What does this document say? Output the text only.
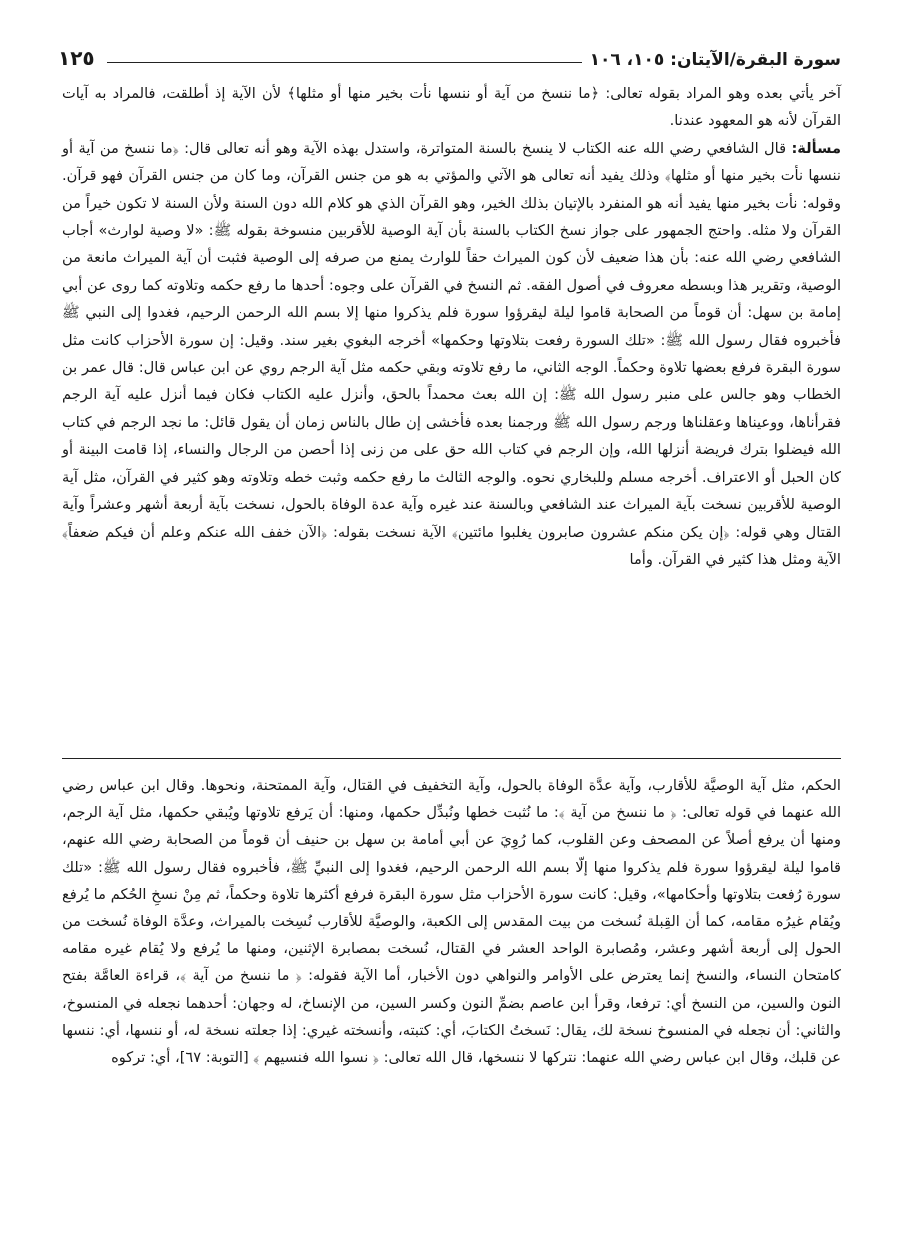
سورة البقرة/الآيتان: ١٠٥، ١٠٦
١٢٥

آخر يأتي بعده وهو المراد بقوله تعالى: ﴿ما ننسخ من آية أو ننسها نأت بخير منها أو مثلها﴾ لأن الآية إذ أطلقت، فالمراد به آيات القرآن لأنه هو المعهود عندنا.

مسألة: قال الشافعي رضي الله عنه الكتاب لا ينسخ بالسنة المتواترة، واستدل بهذه الآية وهو أنه تعالى قال: ﴿ما ننسخ من آية أو ننسها نأت بخير منها أو مثلها﴾ وذلك يفيد أنه تعالى هو الآتي والمؤتي به هو من جنس القرآن، وما كان من جنس القرآن فهو قرآن. وقوله: نأت بخير منها يفيد أنه هو المنفرد بالإتيان بذلك الخير، وهو القرآن الذي هو كلام الله دون السنة ولأن السنة لا تكون خيراً من القرآن ولا مثله. واحتج الجمهور على جواز نسخ الكتاب بالسنة بأن آية الوصية للأقربين منسوخة بقوله ﷺ: «لا وصية لوارث» أجاب الشافعي رضي الله عنه: بأن هذا ضعيف لأن كون الميراث حقاً للوارث يمنع من صرفه إلى الوصية فثبت أن آية الميراث مانعة من الوصية، وتقرير هذا وبسطه معروف في أصول الفقه. ثم النسخ في القرآن على وجوه: أحدها ما رفع حكمه وتلاوته كما روى عن أبي إمامة بن سهل: أن قوماً من الصحابة قاموا ليلة ليقرؤوا سورة فلم يذكروا منها إلا بسم الله الرحمن الرحيم، فغدوا إلى النبي ﷺ فأخبروه فقال رسول الله ﷺ: «تلك السورة رفعت بتلاوتها وحكمها» أخرجه البغوي بغير سند. وقيل: إن سورة الأحزاب كانت مثل سورة البقرة فرفع بعضها تلاوة وحكماً. الوجه الثاني، ما رفع تلاوته وبقي حكمه مثل آية الرجم روي عن ابن عباس قال: قال عمر بن الخطاب وهو جالس على منبر رسول الله ﷺ: إن الله بعث محمداً بالحق، وأنزل عليه الكتاب فكان فيما أنزل عليه آية الرجم فقرأناها، ووعيناها وعقلناها ورجم رسول الله ﷺ ورجمنا بعده فأخشى إن طال بالناس زمان أن يقول قائل: ما نجد الرجم في كتاب الله فيضلوا بترك فريضة أنزلها الله، وإن الرجم في كتاب الله حق على من زنى إذا أحصن من الرجال والنساء، إذا قامت البينة أو كان الحبل أو الاعتراف. أخرجه مسلم وللبخاري نحوه. والوجه الثالث ما رفع حكمه وثبت خطه وتلاوته وهو كثير في القرآن، مثل آية الوصية للأقربين نسخت بآية الميراث عند الشافعي وبالسنة عند غيره وآية عدة الوفاة بالحول، نسخت بآية أربعة أشهر وعشراً وآية القتال وهي قوله: ﴿إن يكن منكم عشرون صابرون يغلبوا مائتين﴾ الآية نسخت بقوله: ﴿الآن خفف الله عنكم وعلم أن فيكم ضعفاً﴾ الآية ومثل هذا كثير في القرآن. وأما

الحكم، مثل آية الوصيَّة للأقارب، وآية عدَّة الوفاة بالحول، وآية التخفيف في القتال، وآية الممتحنة، ونحوها. وقال ابن عباس رضي الله عنهما في قوله تعالى: ﴿ ما ننسخ من آية ﴾: ما نُثبت خطها ونُبدِّل حكمها، ومنها: أن يَرفع تلاوتها ويُبقي حكمها، مثل آية الرجم، ومنها أن يرفع أصلاً عن المصحف وعن القلوب، كما رُوِيَ عن أبي أمامة بن سهل بن حنيف أن قوماً من الصحابة رضي الله عنهم، قاموا ليلة ليقرؤوا سورة فلم يذكروا منها إلّا بسم الله الرحمن الرحيم، فغدوا إلى النبيِّ ﷺ، فأخبروه فقال رسول الله ﷺ: «تلك سورة رُفعت بتلاوتها وأحكامها»، وقيل: كانت سورة الأحزاب مثل سورة البقرة فرفع أكثرها تلاوة وحكماً، ثم مِنْ نسخِ الحُكم ما يُرفع ويُقام غيرُه مقامه، كما أن القِبلة نُسخت من بيت المقدس إلى الكعبة، والوصيَّة للأقارب نُسِخت بالميراث، وعدَّة الوفاة نُسخت من الحول إلى أربعة أشهر وعشر، ومُصابرة الواحد العشر في القتال، نُسخت بمصابرة الإثنين، ومنها ما يُرفع ولا يُقام غيره مقامه كامتحان النساء، والنسخ إنما يعترض على الأوامر والنواهي دون الأخبار، أما الآية فقوله: ﴿ ما ننسخ من آية ﴾، قراءة العامَّة بفتح النون والسين، من النسخ أي: ترفعا، وقرأ ابن عاصم بضمِّ النون وكسر السين، من الإنساخ، له وجهان: أحدهما نجعله في المنسوخ، والثاني: أن نجعله في المنسوخ نسخة لك، يقال: نَسختُ الكتابَ، أي: كتبته، وأنسخته غيري: إذا جعلته نسخة له، أو ننسها، أي: ننسها عن قلبك، وقال ابن عباس رضي الله عنهما: نتركها لا ننسخها، قال الله تعالى: ﴿ نسوا الله فنسيهم ﴾ [التوبة: ٦٧]، أي: تركوه
